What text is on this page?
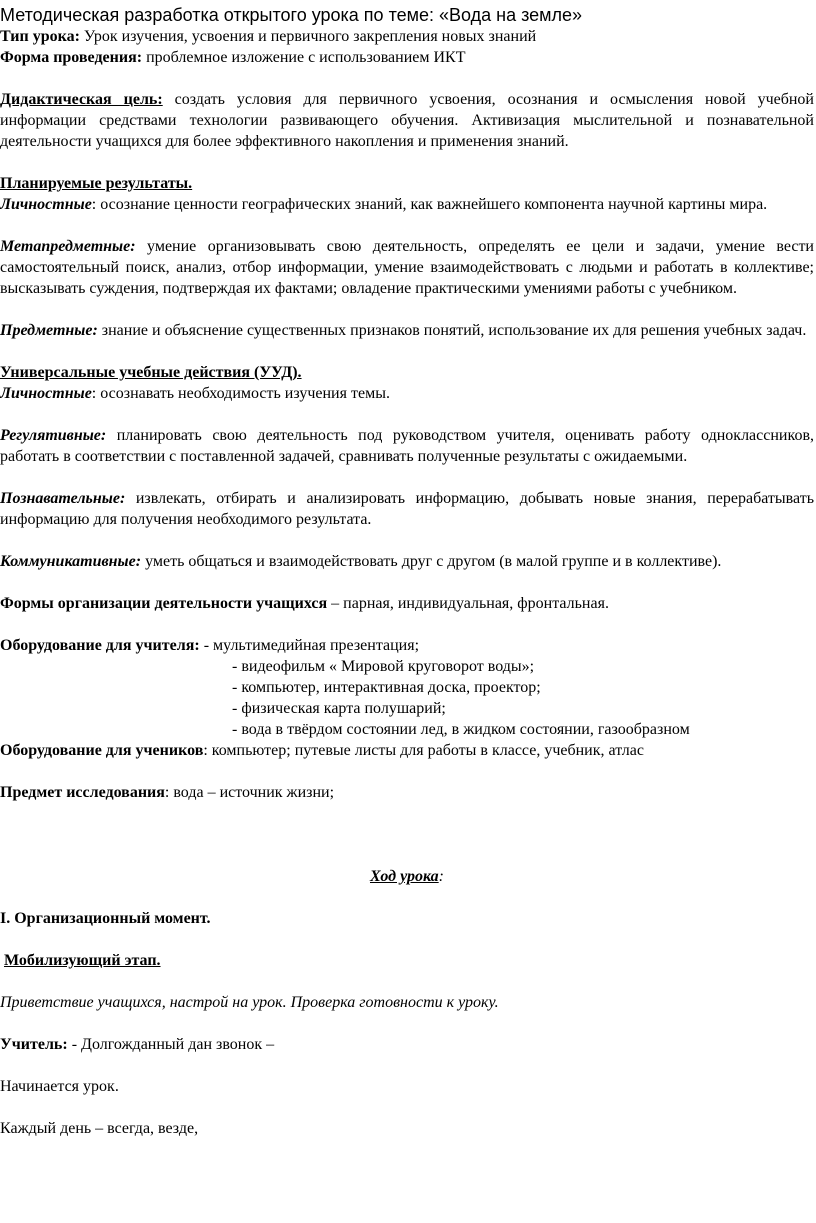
Методическая разработка открытого урока по теме: «Вода на земле»

Тип урока: Урок изучения, усвоения и первичного закрепления новых знаний

Форма проведения: проблемное изложение с использованием ИКТ

Дидактическая цель: создать условия для первичного усвоения, осознания и осмысления новой учебной информации средствами технологии развивающего обучения. Активизация мыслительной и познавательной деятельности учащихся для более эффективного накопления и применения знаний.

Планируемые результаты.

Личностные: осознание ценности географических знаний, как важнейшего компонента научной картины мира.

Метапредметные: умение организовывать свою деятельность, определять ее цели и задачи, умение вести самостоятельный поиск, анализ, отбор информации, умение взаимодействовать с людьми и работать в коллективе; высказывать суждения, подтверждая их фактами; овладение практическими умениями работы с учебником.

Предметные: знание и объяснение существенных признаков понятий, использование их для решения учебных задач.

Универсальные учебные действия (УУД).

Личностные: осознавать необходимость изучения темы.

Регулятивные: планировать свою деятельность под руководством учителя, оценивать работу одноклассников, работать в соответствии с поставленной задачей, сравнивать полученные результаты с ожидаемыми.

Познавательные: извлекать, отбирать и анализировать информацию, добывать новые знания, перерабатывать информацию для получения необходимого результата.

Коммуникативные: уметь общаться и взаимодействовать друг с другом (в малой группе и в коллективе).

Формы организации деятельности учащихся – парная, индивидуальная, фронтальная.

Оборудование для учителя: - мультимедийная презентация;

- видеофильм « Мировой круговорот воды»;

- компьютер, интерактивная доска, проектор;

- физическая карта полушарий;

- вода в твёрдом состоянии лед, в жидком состоянии, газообразном

Оборудование для учеников: компьютер; путевые листы для работы в классе, учебник, атлас

Предмет исследования: вода – источник жизни;

Ход урока:

I. Организационный момент.

Мобилизующий этап.

Приветствие учащихся, настрой на урок. Проверка готовности к уроку.

Учитель: - Долгожданный дан звонок –

Начинается урок.

Каждый день – всегда, везде,
